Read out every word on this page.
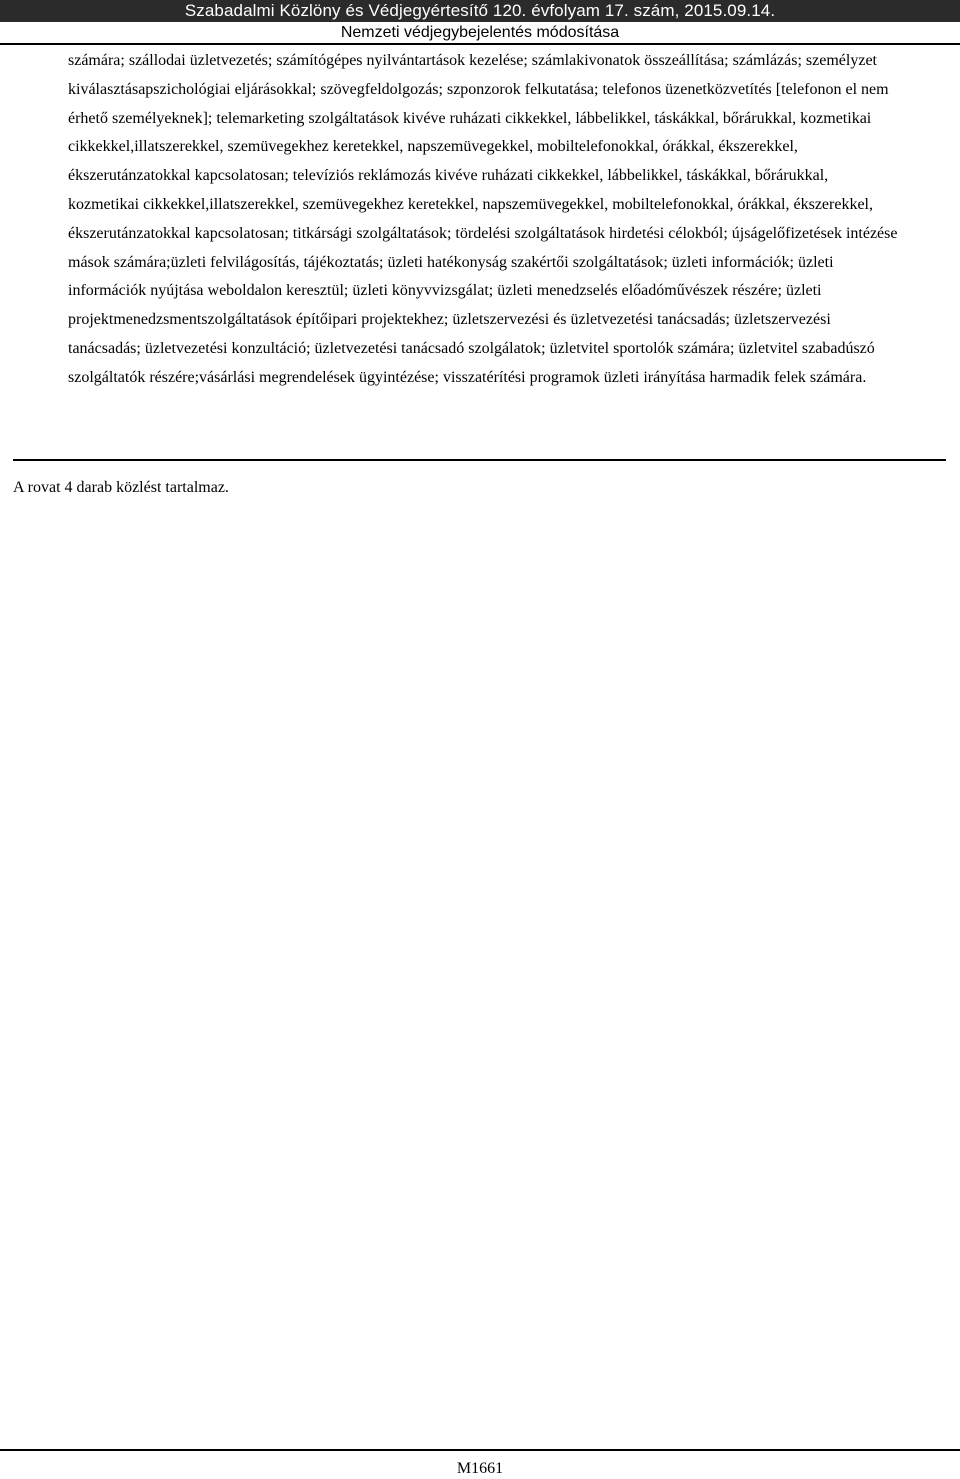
Szabadalmi Közlöny és Védjegyértesítő 120. évfolyam 17. szám, 2015.09.14.
Nemzeti védjegybejelentés módosítása

számára; szállodai üzletvezetés; számítógépes nyilvántartások kezelése; számlakivonatok összeállítása; számlázás; személyzet kiválasztásapszichológiai eljárásokkal; szövegfeldolgozás; szponzorok felkutatása; telefonos üzenetközvetítés [telefonon el nem érhető személyeknek]; telemarketing szolgáltatások kivéve ruházati cikkekkel, lábbelikkel, táskákkal, bőrárukkal, kozmetikai cikkekkel,illatszerekkel, szemüvegekhez keretekkel, napszemüvegekkel, mobiltelefonokkal, órákkal, ékszerekkel, ékszerutánzatokkal kapcsolatosan; televíziós reklámozás kivéve ruházati cikkekkel, lábbelikkel, táskákkal, bőrárukkal, kozmetikai cikkekkel,illatszerekkel, szemüvegekhez keretekkel, napszemüvegekkel, mobiltelefonokkal, órákkal, ékszerekkel, ékszerutánzatokkal kapcsolatosan; titkársági szolgáltatások; tördelési szolgáltatások hirdetési célokból; újságelőfizetések intézése mások számára;üzleti felvilágosítás, tájékoztatás; üzleti hatékonyság szakértői szolgáltatások; üzleti információk; üzleti információk nyújtása weboldalon keresztül; üzleti könyvvizsgálat; üzleti menedzselés előadóművészek részére; üzleti projektmenedzsmentszolgáltatások építőipari projektekhez; üzletszervezési és üzletvezetési tanácsadás; üzletszervezési tanácsadás; üzletvezetési konzultáció; üzletvezetési tanácsadó szolgálatok; üzletvitel sportolók számára; üzletvitel szabadúszó szolgáltatók részére;vásárlási megrendelések ügyintézése; visszatérítési programok üzleti irányítása harmadik felek számára.

A rovat 4 darab közlést tartalmaz.
M1661
